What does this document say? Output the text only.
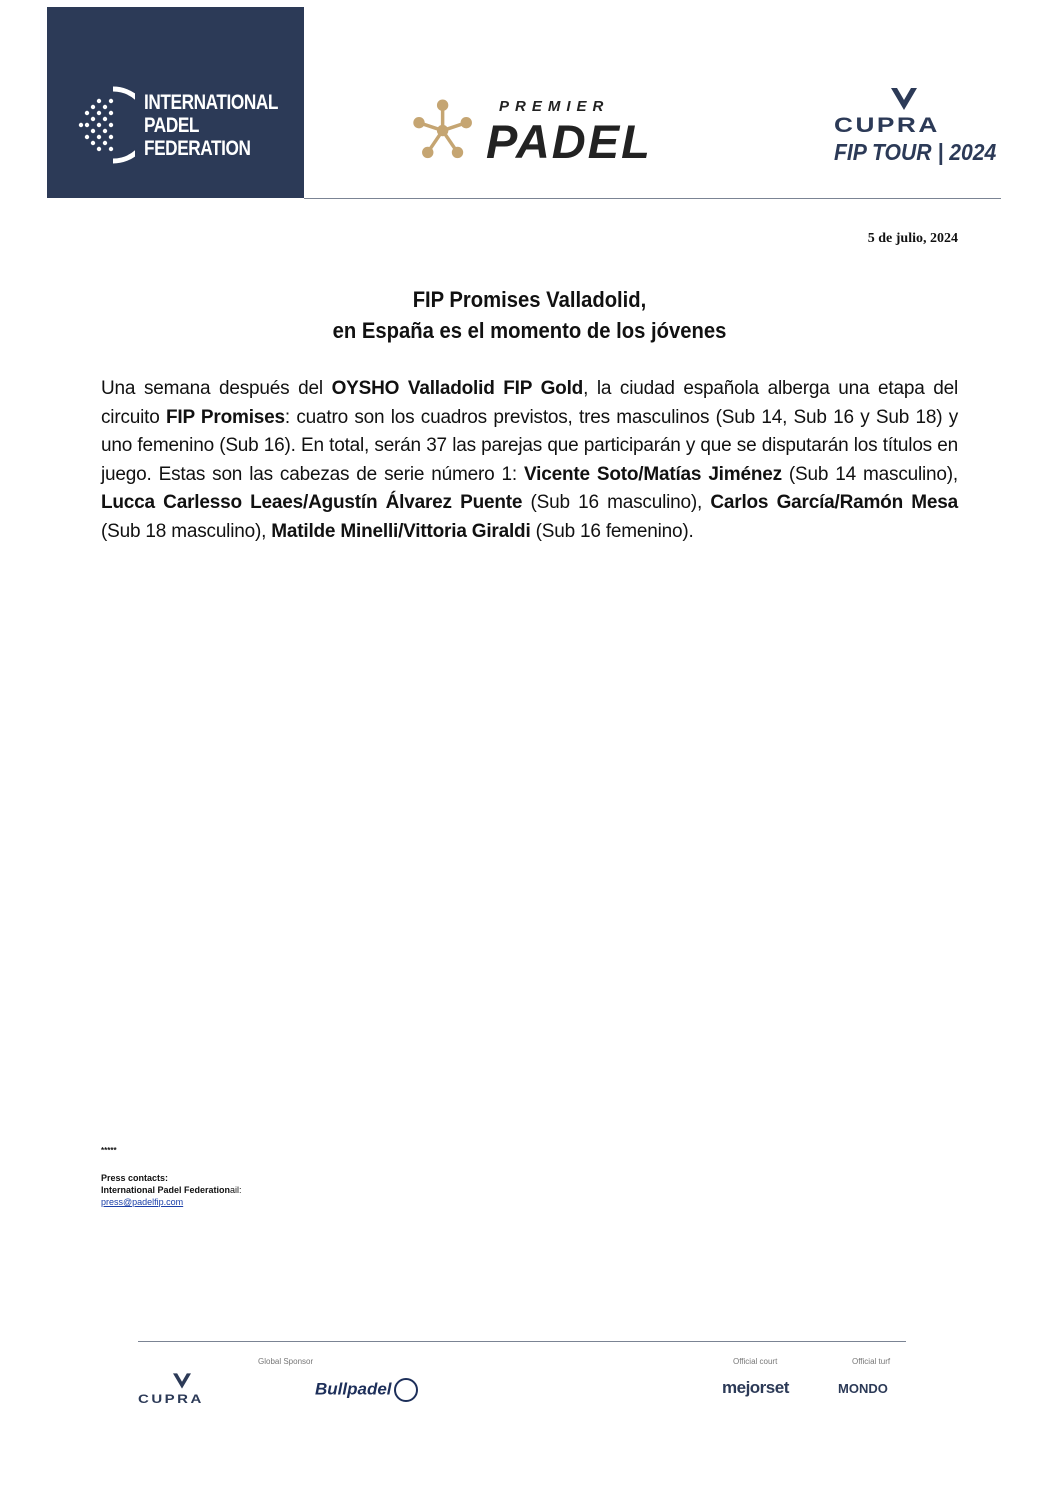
INTERNATIONAL
PADEL
FEDERATION
PREMIER
PADEL	CUPRA
FIP TOUR | 2024
5 de julio, 2024
FIP Promises Valladolid,
en España es el momento de los jóvenes
Una semana después del OYSHO Valladolid FIP Gold, la ciudad española alberga una etapa del circuito FIP Promises: cuatro son los cuadros previstos, tres masculinos (Sub 14, Sub 16 y Sub 18) y uno femenino (Sub 16). En total, serán 37 las parejas que participarán y que se disputarán los títulos en juego. Estas son las cabezas de serie número 1: Vicente Soto/Matías Jiménez (Sub 14 masculino), Lucca Carlesso Leaes/Agustín Álvarez Puente (Sub 16 masculino), Carlos García/Ramón Mesa (Sub 18 masculino), Matilde Minelli/Vittoria Giraldi (Sub 16 femenino).
*****
Press contacts:
International Padel Federationail:
press@padelfip.com
Global Sponsor
CUPRA
Bullpadel
Official court
mejorset
Official turf
MONDO
